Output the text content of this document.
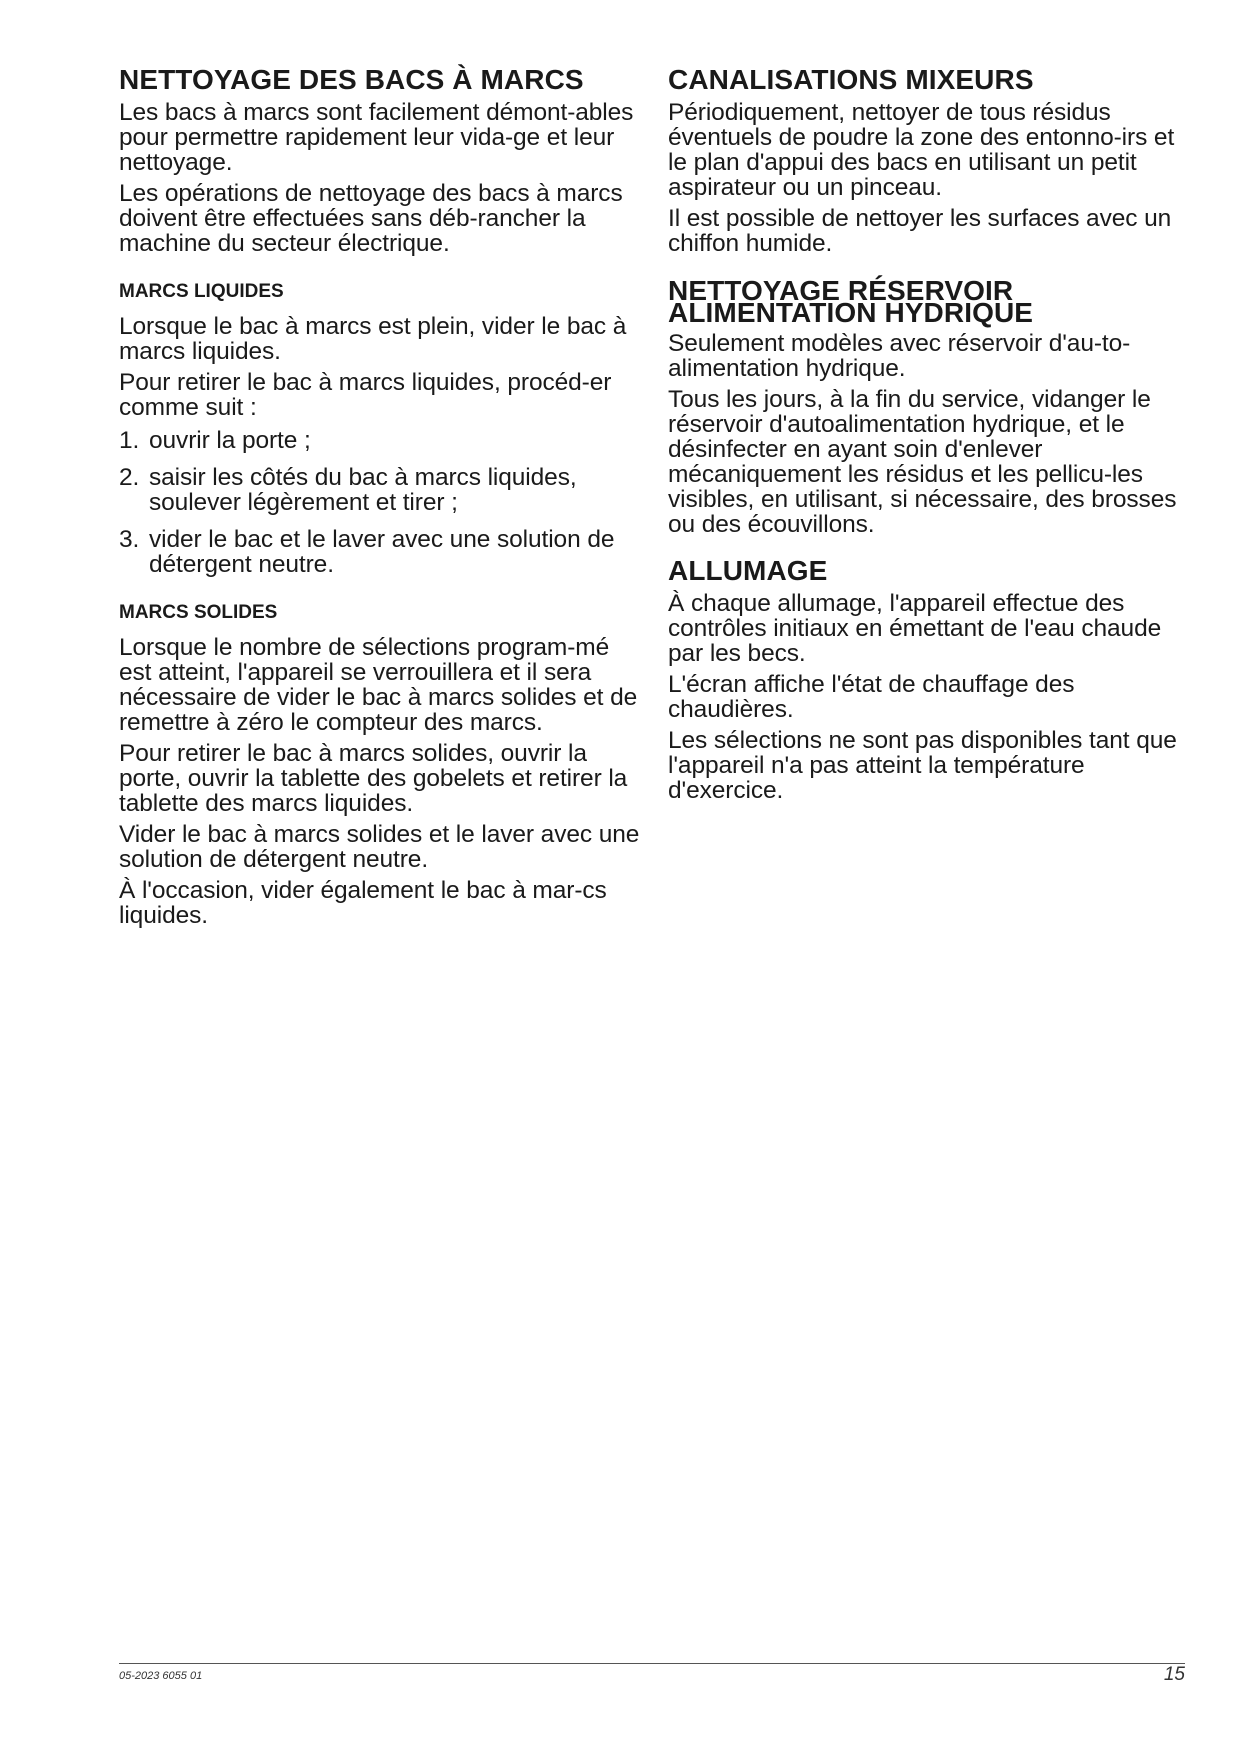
NETTOYAGE DES BACS À MARCS

Les bacs à marcs sont facilement démont-ables pour permettre rapidement leur vida-ge et leur nettoyage.

Les opérations de nettoyage des bacs à marcs doivent être effectuées sans déb-rancher la machine du secteur électrique.

MARCS LIQUIDES

Lorsque le bac à marcs est plein, vider le bac à marcs liquides.

Pour retirer le bac à marcs liquides, procéd-er comme suit :

1. ouvrir la porte ;
2. saisir les côtés du bac à marcs liquides, soulever légèrement et tirer ;
3. vider le bac et le laver avec une solution de détergent neutre.
MARCS SOLIDES

Lorsque le nombre de sélections program-mé est atteint, l'appareil se verrouillera et il sera nécessaire de vider le bac à marcs solides et de remettre à zéro le compteur des marcs.

Pour retirer le bac à marcs solides, ouvrir la porte, ouvrir la tablette des gobelets et retirer la tablette des marcs liquides.

Vider le bac à marcs solides et le laver avec une solution de détergent neutre.

À l'occasion, vider également le bac à mar-cs liquides.

CANALISATIONS MIXEURS

Périodiquement, nettoyer de tous résidus éventuels de poudre la zone des entonno-irs et le plan d'appui des bacs en utilisant un petit aspirateur ou un pinceau.

Il est possible de nettoyer les surfaces avec un chiffon humide.

NETTOYAGE RÉSERVOIR
ALIMENTATION HYDRIQUE

Seulement modèles avec réservoir d'au-to-alimentation hydrique.

Tous les jours, à la fin du service, vidanger le réservoir d'autoalimentation hydrique, et le désinfecter en ayant soin d'enlever mécaniquement les résidus et les pellicu-les visibles, en utilisant, si nécessaire, des brosses ou des écouvillons.

ALLUMAGE

À chaque allumage, l'appareil effectue des contrôles initiaux en émettant de l'eau chaude par les becs.

L'écran affiche l'état de chauffage des chaudières.

Les sélections ne sont pas disponibles tant que l'appareil n'a pas atteint la température d'exercice.

05-2023 6055 01	15
